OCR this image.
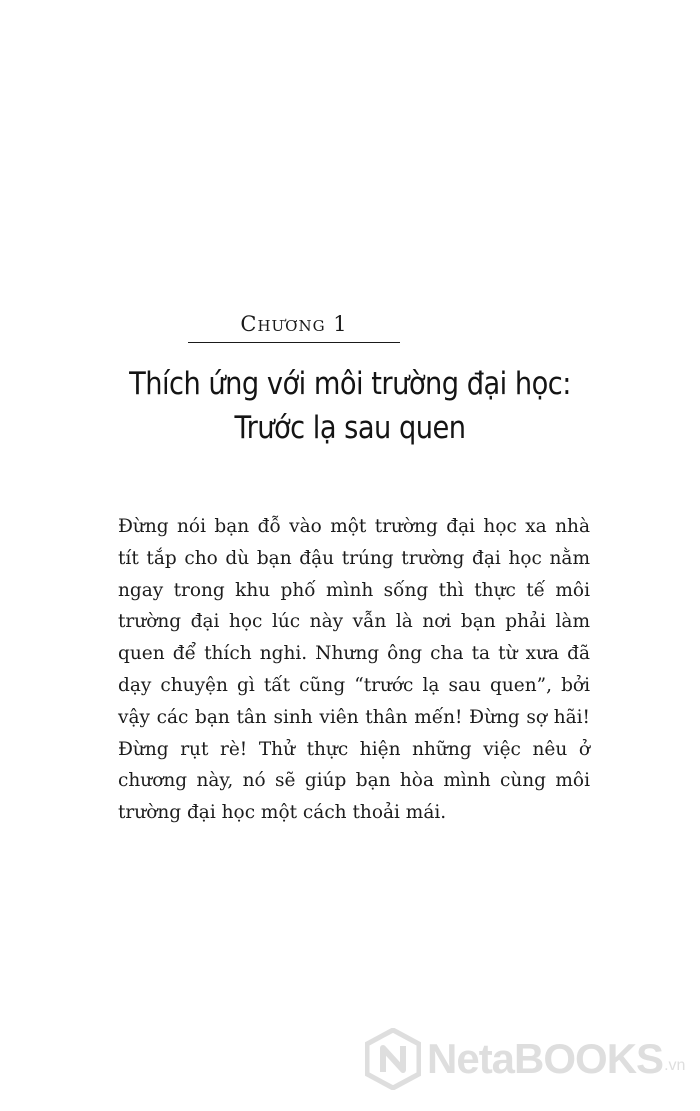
Chương 1
Thích ứng với môi trường đại học:
Trước lạ sau quen

Đừng nói bạn đỗ vào một trường đại học xa nhà tít tắp cho dù bạn đậu trúng trường đại học nằm ngay trong khu phố mình sống thì thực tế môi trường đại học lúc này vẫn là nơi bạn phải làm quen để thích nghi. Nhưng ông cha ta từ xưa đã dạy chuyện gì tất cũng “trước lạ sau quen”, bởi vậy các bạn tân sinh viên thân mến! Đừng sợ hãi! Đừng rụt rè! Thử thực hiện những việc nêu ở chương này, nó sẽ giúp bạn hòa mình cùng môi trường đại học một cách thoải mái.

NetaBOOKS .vn
